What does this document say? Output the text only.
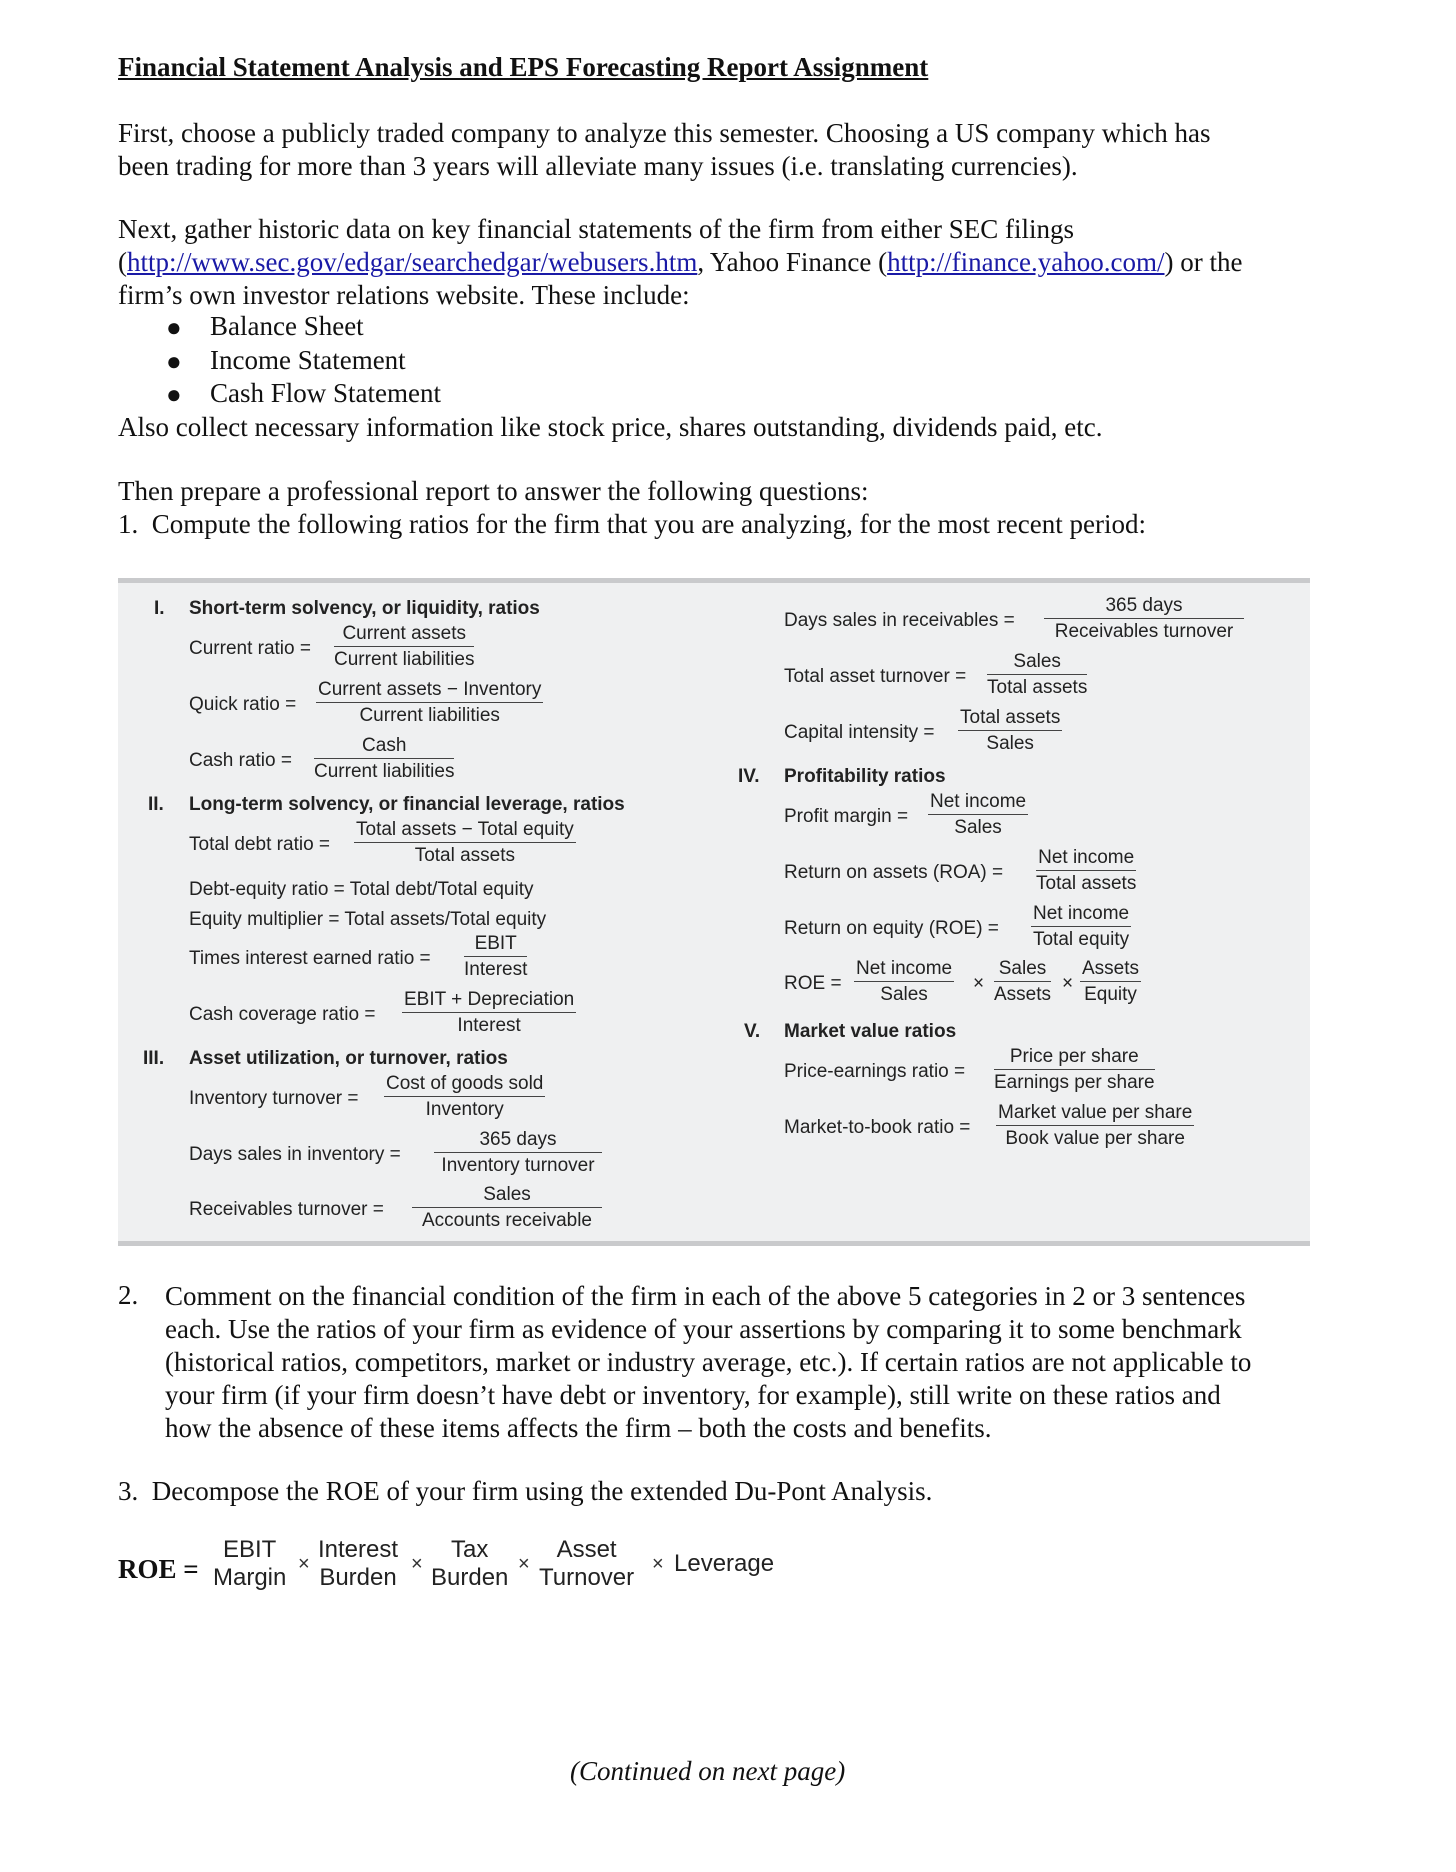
Financial Statement Analysis and EPS Forecasting Report Assignment
First, choose a publicly traded company to analyze this semester. Choosing a US company which has
been trading for more than 3 years will alleviate many issues (i.e. translating currencies).
Next, gather historic data on key financial statements of the firm from either SEC filings
(http://www.sec.gov/edgar/searchedgar/webusers.htm, Yahoo Finance (http://finance.yahoo.com/) or the
firm’s own investor relations website. These include:
● Balance Sheet
● Income Statement
● Cash Flow Statement
Also collect necessary information like stock price, shares outstanding, dividends paid, etc.
Then prepare a professional report to answer the following questions:
1. Compute the following ratios for the firm that you are analyzing, for the most recent period:
I. Short-term solvency, or liquidity, ratios
Current ratio =
Current assets
Current liabilities
Quick ratio =
Current assets − Inventory
Current liabilities
Cash ratio =
Cash
Current liabilities
II. Long-term solvency, or financial leverage, ratios
Total debt ratio =
Total assets − Total equity
Total assets
Debt-equity ratio = Total debt/Total equity
Equity multiplier = Total assets/Total equity
Times interest earned ratio =
EBIT
Interest
Cash coverage ratio =
EBIT + Depreciation
Interest
III. Asset utilization, or turnover, ratios
Inventory turnover =
Cost of goods sold
Inventory
Days sales in inventory =
365 days
Inventory turnover
Receivables turnover =
Sales
Accounts receivable
Days sales in receivables =
365 days
Receivables turnover
Total asset turnover =
Sales
Total assets
Capital intensity =
Total assets
Sales
IV. Profitability ratios
Profit margin =
Net income
Sales
Return on assets (ROA) =
Net income
Total assets
Return on equity (ROE) =
Net income
Total equity
ROE =
Net income
Sales
×
Sales
Assets
×
Assets
Equity
V. Market value ratios
Price-earnings ratio =
Price per share
Earnings per share
Market-to-book ratio =
Market value per share
Book value per share
2. Comment on the financial condition of the firm in each of the above 5 categories in 2 or 3 sentences
each. Use the ratios of your firm as evidence of your assertions by comparing it to some benchmark
(historical ratios, competitors, market or industry average, etc.). If certain ratios are not applicable to
your firm (if your firm doesn’t have debt or inventory, for example), still write on these ratios and
how the absence of these items affects the firm – both the costs and benefits.
3. Decompose the ROE of your firm using the extended Du-Pont Analysis.
ROE =
EBIT
Margin ×
Interest
Burden ×
Tax
Burden ×
Asset
Turnover × Leverage
(Continued on next page)
